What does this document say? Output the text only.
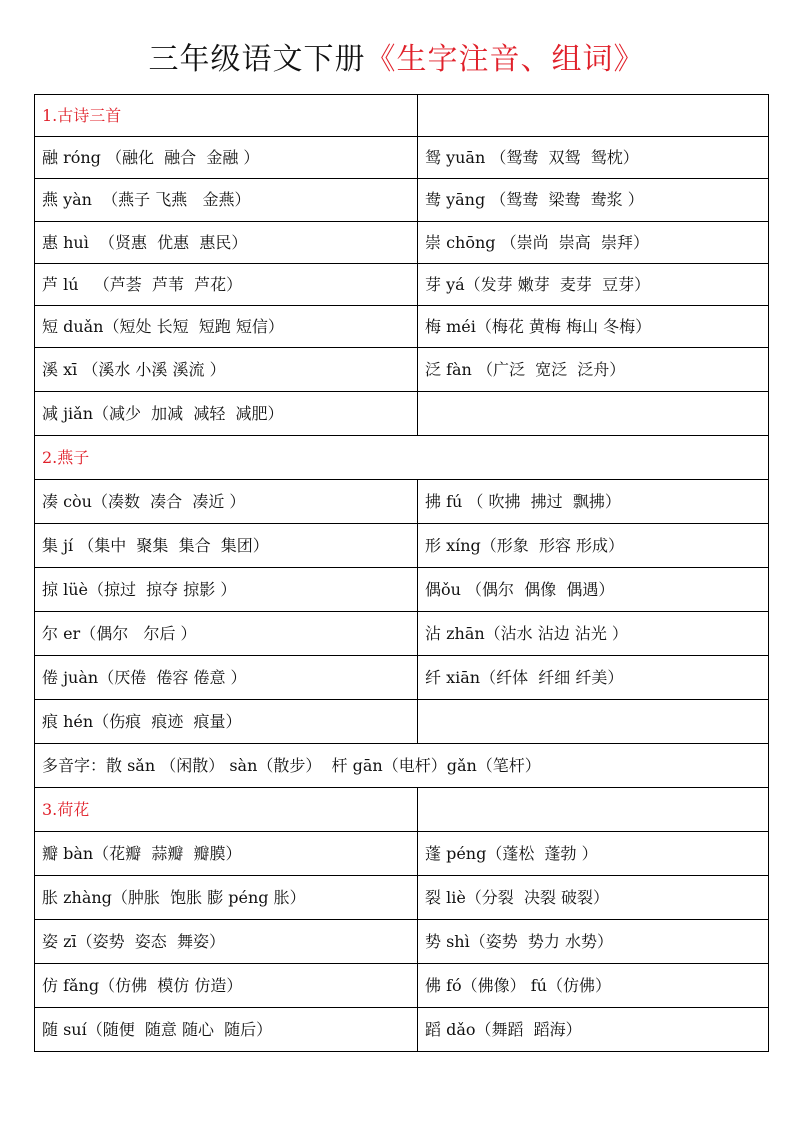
三年级语文下册《生字注音、组词》
1.古诗三首	
融 róng （融化  融合  金融 ）	鸳 yuān （鸳鸯  双鸳  鸳枕）
燕 yàn  （燕子 飞燕   金燕）	鸯 yāng （鸳鸯  梁鸯  鸯浆 ）
惠 huì  （贤惠  优惠  惠民）	崇 chōng （崇尚  崇高  崇拜）
芦 lú   （芦荟  芦苇  芦花）	芽 yá（发芽 嫩芽  麦芽  豆芽）
短 duǎn（短处 长短  短跑 短信）	梅 méi（梅花 黄梅 梅山 冬梅）
溪 xī （溪水 小溪 溪流 ）	泛 fàn （广泛  宽泛  泛舟）
减 jiǎn（减少  加减  减轻  减肥）	
2.燕子	
凑 còu（凑数  凑合  凑近 ）	拂 fú （ 吹拂  拂过  飘拂）
集 jí （集中  聚集  集合  集团）	形 xíng（形象  形容 形成）
掠 lüè（掠过  掠夺 掠影 ）	偶ǒu （偶尔  偶像  偶遇）
尔 er（偶尔   尔后 ）	沾 zhān（沾水 沾边 沾光 ）
倦 juàn（厌倦  倦容 倦意 ）	纤 xiān（纤体  纤细 纤美）
痕 hén（伤痕  痕迹  痕量）	
多音字：散 sǎn （闲散） sàn（散步）  杆 gān（电杆）gǎn（笔杆）	
3.荷花	
瓣 bàn（花瓣  蒜瓣  瓣膜）	蓬 péng（蓬松  蓬勃 ）
胀 zhàng（肿胀  饱胀 膨 péng 胀）	裂 liè（分裂  决裂 破裂）
姿 zī（姿势  姿态  舞姿）	势 shì（姿势  势力 水势）
仿 fǎng（仿佛  模仿 仿造）	佛 fó（佛像） fú（仿佛）
随 suí（随便  随意 随心  随后）	蹈 dǎo（舞蹈  蹈海）
